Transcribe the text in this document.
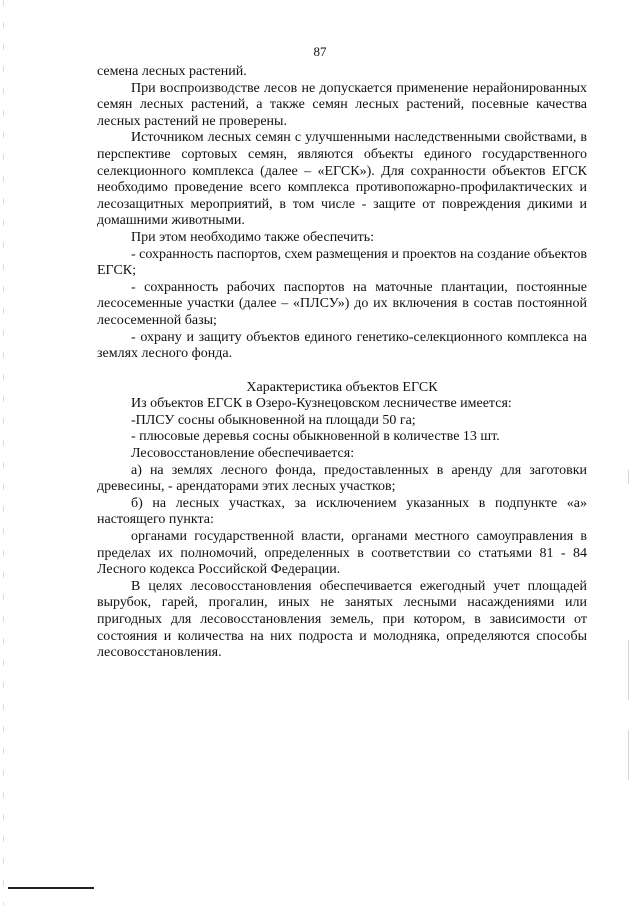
87

семена лесных растений.

При воспроизводстве лесов не допускается применение нерайонированных семян лесных растений, а также семян лесных растений, посевные качества лесных растений не проверены.

Источником лесных семян с улучшенными наследственными свойствами, в перспективе сортовых семян, являются объекты единого государственного селекционного комплекса (далее – «ЕГСК»). Для сохранности объектов ЕГСК необходимо проведение всего комплекса противопожарно-профилактических и лесозащитных мероприятий, в том числе - защите от повреждения дикими и домашними животными.

При этом необходимо также обеспечить:

- сохранность паспортов, схем размещения и проектов на создание объектов ЕГСК;

- сохранность рабочих паспортов на маточные плантации, постоянные лесосеменные участки (далее – «ПЛСУ») до их включения в состав постоянной лесосеменной базы;

- охрану и защиту объектов единого генетико-селекционного комплекса на землях лесного фонда.

Характеристика объектов ЕГСК

Из объектов ЕГСК в Озеро-Кузнецовском лесничестве имеется:

-ПЛСУ сосны обыкновенной на площади 50 га;

- плюсовые деревья сосны обыкновенной в количестве 13 шт.

Лесовосстановление обеспечивается:

а) на землях лесного фонда, предоставленных в аренду для заготовки древесины, - арендаторами этих лесных участков;

б) на лесных участках, за исключением указанных в подпункте «а» настоящего пункта:

органами государственной власти, органами местного самоуправления в пределах их полномочий, определенных в соответствии со статьями 81 - 84 Лесного кодекса Российской Федерации.

В целях лесовосстановления обеспечивается ежегодный учет площадей вырубок, гарей, прогалин, иных не занятых лесными насаждениями или пригодных для лесовосстановления земель, при котором, в зависимости от состояния и количества на них подроста и молодняка, определяются способы лесовосстановления.
